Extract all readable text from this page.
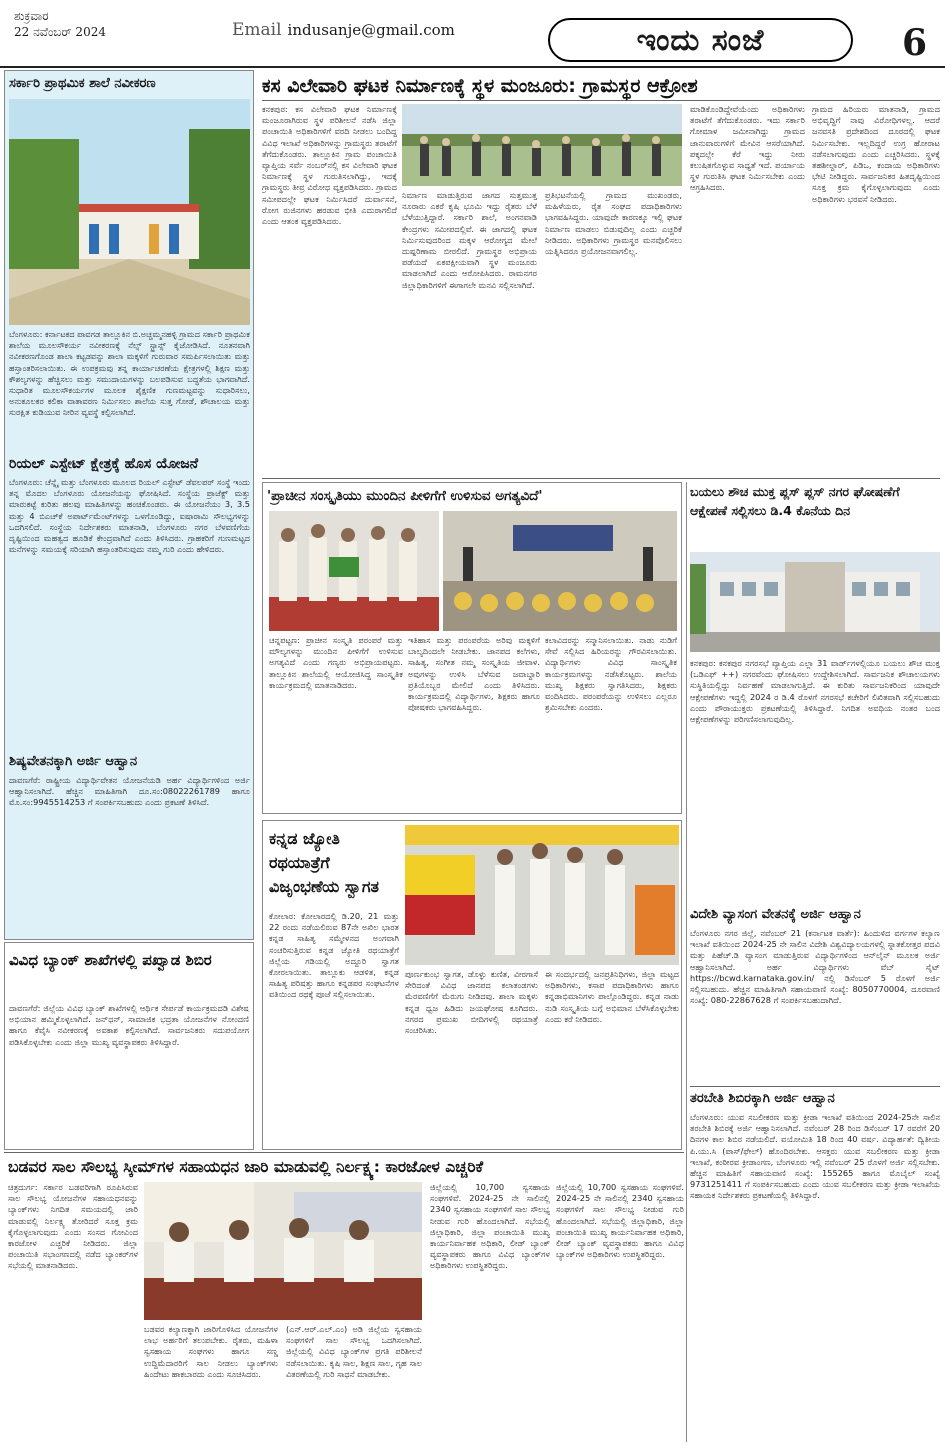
ಶುಕ್ರವಾರ
22 ನವೆಂಬರ್ 2024	Email indusanje@gmail.com	ಇಂದು ಸಂಜೆ	6
ಸರ್ಕಾರಿ ಪ್ರಾಥಮಿಕ ಶಾಲೆ ನವೀಕರಣ
ಬೆಂಗಳೂರು: ಕರ್ನಾಟಕದ ಪಾವಗಡ ತಾಲ್ಲೂಕಿನ ಬಿ.ಅಚ್ಚಮ್ಮನಹಳ್ಳಿ ಗ್ರಾಮದ ಸರ್ಕಾರಿ ಪ್ರಾಥಮಿಕ ಶಾಲೆಯ ಮೂಲಸೌಕರ್ಯ ನವೀಕರಣಕ್ಕೆ ನೆಲ್ಸ್ ಸ್ಟ್ರಾನ್ಸ್ ಕೈಜೋಡಿಸಿದೆ. ನೂತನವಾಗಿ ನವೀಕರಣಗೊಂಡ ಶಾಲಾ ಕಟ್ಟಡವನ್ನು ಶಾಲಾ ಮಕ್ಕಳಿಗೆ ಗುರುವಾರ ಸಮರ್ಪಿಸಲಾಯಿತು ಮತ್ತು ಹಸ್ತಾಂತರಿಸಲಾಯಿತು. ಈ ಉಪಕ್ರಮವು ತನ್ನ ಕಾರ್ಯಾಚರಣೆಯ ಕ್ಷೇತ್ರಗಳಲ್ಲಿ ಶಿಕ್ಷಣ ಮತ್ತು ಕೌಶಲ್ಯಗಳನ್ನು ಹೆಚ್ಚಿಸಲು ಮತ್ತು ಸಮುದಾಯಗಳನ್ನು ಬಲಪಡಿಸುವ ಬದ್ಧತೆಯ ಭಾಗವಾಗಿದೆ. ಸುಧಾರಿತ ಮೂಲಸೌಕರ್ಯಗಳ ಮೂಲಕ ಶೈಕ್ಷಣಿಕ ಗುಣಮಟ್ಟವನ್ನು ಸುಧಾರಿಸಲು, ಅನುಕೂಲಕರ ಕಲಿಕಾ ವಾತಾವರಣ ನಿರ್ಮಿಸಲು ಶಾಲೆಯ ಸುತ್ತ ಗೋಡೆ, ಶೌಚಾಲಯ ಮತ್ತು ಸುರಕ್ಷಿತ ಕುಡಿಯುವ ನೀರಿನ ವ್ಯವಸ್ಥೆ ಕಲ್ಪಿಸಲಾಗಿದೆ.
ರಿಯಲ್ ಎಸ್ಟೇಟ್ ಕ್ಷೇತ್ರಕ್ಕೆ ಹೊಸ ಯೋಜನೆ
ಬೆಂಗಳೂರು: ಚೆನ್ನೈ ಮತ್ತು ಬೆಂಗಳೂರು ಮೂಲದ ರಿಯಲ್ ಎಸ್ಟೇಟ್ ಡೆವಲಪರ್ ಸಂಸ್ಥೆ ಇಂದು ತನ್ನ ಮೊದಲ ಬೆಂಗಳೂರು ಯೋಜನೆಯನ್ನು ಘೋಷಿಸಿದೆ. ಸಂಸ್ಥೆಯ ಪ್ರಾಜೆಕ್ಟ್ ಮತ್ತು ಮಾರುಕಟ್ಟೆ ಕುರಿತು ಹಲವು ಮಾಹಿತಿಗಳನ್ನು ಹಂಚಿಕೊಂಡರು. ಈ ಯೋಜನೆಯು 3, 3.5 ಮತ್ತು 4 ಬಿಎಚ್‌ಕೆ ಅಪಾರ್ಟ್‌ಮೆಂಟ್‌ಗಳನ್ನು ಒಳಗೊಂಡಿದ್ದು, ಐಷಾರಾಮಿ ಸೌಲಭ್ಯಗಳನ್ನು ಒದಗಿಸಲಿದೆ. ಸಂಸ್ಥೆಯ ನಿರ್ದೇಶಕರು ಮಾತನಾಡಿ, ಬೆಂಗಳೂರು ನಗರ ಬೆಳವಣಿಗೆಯ ದೃಷ್ಟಿಯಿಂದ ಮಹತ್ವದ ಹೂಡಿಕೆ ಕೇಂದ್ರವಾಗಿದೆ ಎಂದು ತಿಳಿಸಿದರು. ಗ್ರಾಹಕರಿಗೆ ಗುಣಮಟ್ಟದ ಮನೆಗಳನ್ನು ಸಮಯಕ್ಕೆ ಸರಿಯಾಗಿ ಹಸ್ತಾಂತರಿಸುವುದು ನಮ್ಮ ಗುರಿ ಎಂದು ಹೇಳಿದರು.
ಶಿಷ್ಯವೇತನಕ್ಕಾಗಿ ಅರ್ಜಿ ಆಹ್ವಾನ
ದಾವಣಗೆರೆ: ರಾಷ್ಟ್ರೀಯ ವಿದ್ಯಾರ್ಥಿವೇತನ ಯೋಜನೆಯಡಿ ಅರ್ಹ ವಿದ್ಯಾರ್ಥಿಗಳಿಂದ ಅರ್ಜಿ ಆಹ್ವಾನಿಸಲಾಗಿದೆ. ಹೆಚ್ಚಿನ ಮಾಹಿತಿಗಾಗಿ ದೂ.ಸಂ:08022261789 ಹಾಗೂ ಮೊ.ಸಂ:9945514253 ಗೆ ಸಂಪರ್ಕಿಸಬಹುದು ಎಂದು ಪ್ರಕಟಣೆ ತಿಳಿಸಿದೆ.
ವಿವಿಧ ಬ್ಯಾಂಕ್ ಶಾಖೆಗಳಲ್ಲಿ ಪಖ್ವಾಡ ಶಿಬಿರ
ದಾವಣಗೆರೆ: ಜಿಲ್ಲೆಯ ವಿವಿಧ ಬ್ಯಾಂಕ್ ಶಾಖೆಗಳಲ್ಲಿ ಆರ್ಥಿಕ ಸೇರ್ಪಡೆ ಕಾರ್ಯಕ್ರಮದಡಿ ವಿಶೇಷ ಅಭಿಯಾನ ಹಮ್ಮಿಕೊಳ್ಳಲಾಗಿದೆ. ಜನ್‌ಧನ್, ಸಾಮಾಜಿಕ ಭದ್ರತಾ ಯೋಜನೆಗಳ ನೋಂದಣಿ ಹಾಗೂ ಕೆವೈಸಿ ನವೀಕರಣಕ್ಕೆ ಅವಕಾಶ ಕಲ್ಪಿಸಲಾಗಿದೆ. ಸಾರ್ವಜನಿಕರು ಸದುಪಯೋಗ ಪಡಿಸಿಕೊಳ್ಳಬೇಕು ಎಂದು ಜಿಲ್ಲಾ ಮುಖ್ಯ ವ್ಯವಸ್ಥಾಪಕರು ತಿಳಿಸಿದ್ದಾರೆ.
ಕಸ ವಿಲೇವಾರಿ ಘಟಕ ನಿರ್ಮಾಣಕ್ಕೆ ಸ್ಥಳ ಮಂಜೂರು: ಗ್ರಾಮಸ್ಥರ ಆಕ್ರೋಶ
ಕನಕಪುರ: ಕಸ ವಿಲೇವಾರಿ ಘಟಕ ನಿರ್ಮಾಣಕ್ಕೆ ಮಂಜೂರಾಗಿರುವ ಸ್ಥಳ ಪರಿಶೀಲನೆ ನಡೆಸಿ ಜಿಲ್ಲಾ ಪಂಚಾಯಿತಿ ಅಧಿಕಾರಿಗಳಿಗೆ ವರದಿ ನೀಡಲು ಬಂದಿದ್ದ ವಿವಿಧ ಇಲಾಖೆ ಅಧಿಕಾರಿಗಳನ್ನು ಗ್ರಾಮಸ್ಥರು ತರಾಟೆಗೆ ತೆಗೆದುಕೊಂಡರು. ತಾಲ್ಲೂಕಿನ ಗ್ರಾಮ ಪಂಚಾಯಿತಿ ವ್ಯಾಪ್ತಿಯ ಸರ್ವೆ ನಂಬರ್‌ನಲ್ಲಿ ಕಸ ವಿಲೇವಾರಿ ಘಟಕ ನಿರ್ಮಾಣಕ್ಕೆ ಸ್ಥಳ ಗುರುತಿಸಲಾಗಿದ್ದು, ಇದಕ್ಕೆ ಗ್ರಾಮಸ್ಥರು ತೀವ್ರ ವಿರೋಧ ವ್ಯಕ್ತಪಡಿಸಿದರು. ಗ್ರಾಮದ ಸಮೀಪದಲ್ಲೇ ಘಟಕ ನಿರ್ಮಿಸಿದರೆ ದುರ್ವಾಸನೆ, ರೋಗ ರುಜಿನಗಳು ಹರಡುವ ಭೀತಿ ಎದುರಾಗಲಿದೆ ಎಂದು ಆತಂಕ ವ್ಯಕ್ತಪಡಿಸಿದರು.
ನಿರ್ಮಾಣ ಮಾಡುತ್ತಿರುವ ಜಾಗದ ಸುತ್ತಮುತ್ತ ನೂರಾರು ಎಕರೆ ಕೃಷಿ ಭೂಮಿ ಇದ್ದು ರೈತರು ಬೆಳೆ ಬೆಳೆಯುತ್ತಿದ್ದಾರೆ. ಸರ್ಕಾರಿ ಶಾಲೆ, ಅಂಗನವಾಡಿ ಕೇಂದ್ರಗಳು ಸಮೀಪದಲ್ಲಿವೆ. ಈ ಜಾಗದಲ್ಲಿ ಘಟಕ ನಿರ್ಮಿಸುವುದರಿಂದ ಮಕ್ಕಳ ಆರೋಗ್ಯದ ಮೇಲೆ ದುಷ್ಪರಿಣಾಮ ಬೀರಲಿದೆ. ಗ್ರಾಮಸ್ಥರ ಅಭಿಪ್ರಾಯ ಪಡೆಯದೆ ಏಕಪಕ್ಷೀಯವಾಗಿ ಸ್ಥಳ ಮಂಜೂರು ಮಾಡಲಾಗಿದೆ ಎಂದು ಆರೋಪಿಸಿದರು. ರಾಮನಗರ ಜಿಲ್ಲಾಧಿಕಾರಿಗಳಿಗೆ ಈಗಾಗಲೇ ಮನವಿ ಸಲ್ಲಿಸಲಾಗಿದೆ.
ಪ್ರತಿಭಟನೆಯಲ್ಲಿ ಗ್ರಾಮದ ಮುಖಂಡರು, ಮಹಿಳೆಯರು, ರೈತ ಸಂಘದ ಪದಾಧಿಕಾರಿಗಳು ಭಾಗವಹಿಸಿದ್ದರು. ಯಾವುದೇ ಕಾರಣಕ್ಕೂ ಇಲ್ಲಿ ಘಟಕ ನಿರ್ಮಾಣ ಮಾಡಲು ಬಿಡುವುದಿಲ್ಲ ಎಂದು ಎಚ್ಚರಿಕೆ ನೀಡಿದರು. ಅಧಿಕಾರಿಗಳು ಗ್ರಾಮಸ್ಥರ ಮನವೊಲಿಸಲು ಯತ್ನಿಸಿದರೂ ಪ್ರಯೋಜನವಾಗಲಿಲ್ಲ.
ಮಾಡಿಕೊಂಡಿದ್ದೇವೆಯೆಂದು ಅಧಿಕಾರಿಗಳು ತರಾಟೆಗೆ ತೆಗೆದುಕೊಂಡರು. ಇದು ಸರ್ಕಾರಿ ಗೋಮಾಳ ಜಮೀನಾಗಿದ್ದು ಗ್ರಾಮದ ಜಾನುವಾರುಗಳಿಗೆ ಮೇವಿನ ಆಸರೆಯಾಗಿದೆ. ಪಕ್ಕದಲ್ಲೇ ಕೆರೆ ಇದ್ದು ನೀರು ಕಲುಷಿತಗೊಳ್ಳುವ ಸಾಧ್ಯತೆ ಇದೆ. ಪರ್ಯಾಯ ಸ್ಥಳ ಗುರುತಿಸಿ ಘಟಕ ನಿರ್ಮಿಸಬೇಕು ಎಂದು ಆಗ್ರಹಿಸಿದರು.
ಗ್ರಾಮದ ಹಿರಿಯರು ಮಾತನಾಡಿ, ಗ್ರಾಮದ ಅಭಿವೃದ್ಧಿಗೆ ನಾವು ವಿರೋಧಿಗಳಲ್ಲ. ಆದರೆ ಜನವಸತಿ ಪ್ರದೇಶದಿಂದ ದೂರದಲ್ಲಿ ಘಟಕ ನಿರ್ಮಿಸಬೇಕು. ಇಲ್ಲದಿದ್ದರೆ ಉಗ್ರ ಹೋರಾಟ ನಡೆಸಲಾಗುವುದು ಎಂದು ಎಚ್ಚರಿಸಿದರು. ಸ್ಥಳಕ್ಕೆ ತಹಶೀಲ್ದಾರ್, ಪಿಡಿಒ, ಕಂದಾಯ ಅಧಿಕಾರಿಗಳು ಭೇಟಿ ನೀಡಿದ್ದರು. ಸಾರ್ವಜನಿಕರ ಹಿತದೃಷ್ಟಿಯಿಂದ ಸೂಕ್ತ ಕ್ರಮ ಕೈಗೊಳ್ಳಲಾಗುವುದು ಎಂದು ಅಧಿಕಾರಿಗಳು ಭರವಸೆ ನೀಡಿದರು.
'ಪ್ರಾಚೀನ ಸಂಸ್ಕೃತಿಯು ಮುಂದಿನ ಪೀಳಿಗೆಗೆ ಉಳಿಸುವ ಅಗತ್ಯವಿದೆ'
ಚನ್ನಪಟ್ಟಣ: ಪ್ರಾಚೀನ ಸಂಸ್ಕೃತಿ ಪರಂಪರೆ ಮತ್ತು ಮೌಲ್ಯಗಳನ್ನು ಮುಂದಿನ ಪೀಳಿಗೆಗೆ ಉಳಿಸುವ ಅಗತ್ಯವಿದೆ ಎಂದು ಗಣ್ಯರು ಅಭಿಪ್ರಾಯಪಟ್ಟರು. ತಾಲ್ಲೂಕಿನ ಶಾಲೆಯಲ್ಲಿ ಆಯೋಜಿಸಿದ್ದ ಸಾಂಸ್ಕೃತಿಕ ಕಾರ್ಯಕ್ರಮದಲ್ಲಿ ಮಾತನಾಡಿದರು.
ಇತಿಹಾಸ ಮತ್ತು ಪರಂಪರೆಯ ಅರಿವು ಮಕ್ಕಳಿಗೆ ಬಾಲ್ಯದಿಂದಲೇ ನೀಡಬೇಕು. ಜಾನಪದ ಕಲೆಗಳು, ಸಾಹಿತ್ಯ, ಸಂಗೀತ ನಮ್ಮ ಸಂಸ್ಕೃತಿಯ ಜೀವಾಳ. ಅವುಗಳನ್ನು ಉಳಿಸಿ ಬೆಳೆಸುವ ಜವಾಬ್ದಾರಿ ಪ್ರತಿಯೊಬ್ಬರ ಮೇಲಿದೆ ಎಂದು ತಿಳಿಸಿದರು. ಕಾರ್ಯಕ್ರಮದಲ್ಲಿ ವಿದ್ಯಾರ್ಥಿಗಳು, ಶಿಕ್ಷಕರು ಹಾಗೂ ಪೋಷಕರು ಭಾಗವಹಿಸಿದ್ದರು.
ಕಲಾವಿದರನ್ನು ಸನ್ಮಾನಿಸಲಾಯಿತು. ನಾಡು ನುಡಿಗೆ ಸೇವೆ ಸಲ್ಲಿಸಿದ ಹಿರಿಯರನ್ನು ಗೌರವಿಸಲಾಯಿತು. ವಿದ್ಯಾರ್ಥಿಗಳು ವಿವಿಧ ಸಾಂಸ್ಕೃತಿಕ ಕಾರ್ಯಕ್ರಮಗಳನ್ನು ನಡೆಸಿಕೊಟ್ಟರು. ಶಾಲೆಯ ಮುಖ್ಯ ಶಿಕ್ಷಕರು ಸ್ವಾಗತಿಸಿದರು, ಶಿಕ್ಷಕರು ವಂದಿಸಿದರು. ಪರಂಪರೆಯನ್ನು ಉಳಿಸಲು ಎಲ್ಲರೂ ಶ್ರಮಿಸಬೇಕು ಎಂದರು.
ಬಯಲು ಶೌಚ ಮುಕ್ತ ಪ್ಲಸ್ ಪ್ಲಸ್ ನಗರ ಘೋಷಣೆಗೆ ಆಕ್ಷೇಪಣೆ ಸಲ್ಲಿಸಲು ಡಿ.4 ಕೊನೆಯ ದಿನ
ಕನಕಪುರ: ಕನಕಪುರ ನಗರಸಭೆ ವ್ಯಾಪ್ತಿಯ ಎಲ್ಲಾ 31 ವಾರ್ಡ್‌ಗಳಲ್ಲಿಯೂ ಬಯಲು ಶೌಚ ಮುಕ್ತ (ಒಡಿಎಫ್ ++) ನಗರವೆಂದು ಘೋಷಿಸಲು ಉದ್ದೇಶಿಸಲಾಗಿದೆ. ಸಾರ್ವಜನಿಕ ಶೌಚಾಲಯಗಳು ಸುಸ್ಥಿತಿಯಲ್ಲಿದ್ದು ನಿರ್ವಹಣೆ ಮಾಡಲಾಗುತ್ತಿದೆ. ಈ ಕುರಿತು ಸಾರ್ವಜನಿಕರಿಂದ ಯಾವುದೇ ಆಕ್ಷೇಪಣೆಗಳು ಇದ್ದಲ್ಲಿ 2024 ರ ಡಿ.4 ರೊಳಗೆ ನಗರಸಭೆ ಕಚೇರಿಗೆ ಲಿಖಿತವಾಗಿ ಸಲ್ಲಿಸಬಹುದು ಎಂದು ಪೌರಾಯುಕ್ತರು ಪ್ರಕಟಣೆಯಲ್ಲಿ ತಿಳಿಸಿದ್ದಾರೆ. ನಿಗದಿತ ಅವಧಿಯ ನಂತರ ಬಂದ ಆಕ್ಷೇಪಣೆಗಳನ್ನು ಪರಿಗಣಿಸಲಾಗುವುದಿಲ್ಲ.
ಕನ್ನಡ ಜ್ಯೋತಿ ರಥಯಾತ್ರೆಗೆ ವಿಜೃಂಭಣೆಯ ಸ್ವಾಗತ
ಕೋಲಾರ: ಕೋಲಾರದಲ್ಲಿ ಡಿ.20, 21 ಮತ್ತು 22 ರಂದು ನಡೆಯಲಿರುವ 87ನೇ ಅಖಿಲ ಭಾರತ ಕನ್ನಡ ಸಾಹಿತ್ಯ ಸಮ್ಮೇಳನದ ಅಂಗವಾಗಿ ಸಂಚರಿಸುತ್ತಿರುವ ಕನ್ನಡ ಜ್ಯೋತಿ ರಥಯಾತ್ರೆಗೆ ಜಿಲ್ಲೆಯ ಗಡಿಯಲ್ಲಿ ಅದ್ದೂರಿ ಸ್ವಾಗತ ಕೋರಲಾಯಿತು. ತಾಲ್ಲೂಕು ಆಡಳಿತ, ಕನ್ನಡ ಸಾಹಿತ್ಯ ಪರಿಷತ್ತು ಹಾಗೂ ಕನ್ನಡಪರ ಸಂಘಟನೆಗಳ ವತಿಯಿಂದ ರಥಕ್ಕೆ ಪೂಜೆ ಸಲ್ಲಿಸಲಾಯಿತು.
ಪೂರ್ಣಕುಂಭ ಸ್ವಾಗತ, ಡೊಳ್ಳು ಕುಣಿತ, ವೀರಗಾಸೆ ಸೇರಿದಂತೆ ವಿವಿಧ ಜಾನಪದ ಕಲಾತಂಡಗಳು ಮೆರವಣಿಗೆಗೆ ಮೆರುಗು ನೀಡಿದವು. ಶಾಲಾ ಮಕ್ಕಳು ಕನ್ನಡ ಧ್ವಜ ಹಿಡಿದು ಜಯಘೋಷ ಕೂಗಿದರು. ನಗರದ ಪ್ರಮುಖ ಬೀದಿಗಳಲ್ಲಿ ರಥಯಾತ್ರೆ ಸಂಚರಿಸಿತು.
ಈ ಸಂದರ್ಭದಲ್ಲಿ ಜನಪ್ರತಿನಿಧಿಗಳು, ಜಿಲ್ಲಾ ಮಟ್ಟದ ಅಧಿಕಾರಿಗಳು, ಕಸಾಪ ಪದಾಧಿಕಾರಿಗಳು ಹಾಗೂ ಕನ್ನಡಾಭಿಮಾನಿಗಳು ಪಾಲ್ಗೊಂಡಿದ್ದರು. ಕನ್ನಡ ನಾಡು ನುಡಿ ಸಂಸ್ಕೃತಿಯ ಬಗ್ಗೆ ಅಭಿಮಾನ ಬೆಳೆಸಿಕೊಳ್ಳಬೇಕು ಎಂದು ಕರೆ ನೀಡಿದರು.
ವಿದೇಶಿ ವ್ಯಾಸಂಗ ವೇತನಕ್ಕೆ ಅರ್ಜಿ ಆಹ್ವಾನ
ಬೆಂಗಳೂರು ನಗರ ಜಿಲ್ಲೆ, ನವೆಂಬರ್ 21 (ಕರ್ನಾಟಕ ವಾರ್ತೆ): ಹಿಂದುಳಿದ ವರ್ಗಗಳ ಕಲ್ಯಾಣ ಇಲಾಖೆ ವತಿಯಿಂದ 2024-25 ನೇ ಸಾಲಿನ ವಿದೇಶಿ ವಿಶ್ವವಿದ್ಯಾಲಯಗಳಲ್ಲಿ ಸ್ನಾತಕೋತ್ತರ ಪದವಿ ಮತ್ತು ಪಿಹೆಚ್.ಡಿ ವ್ಯಾಸಂಗ ಮಾಡುತ್ತಿರುವ ವಿದ್ಯಾರ್ಥಿಗಳಿಂದ ಆನ್‌ಲೈನ್ ಮೂಲಕ ಅರ್ಜಿ ಆಹ್ವಾನಿಸಲಾಗಿದೆ. ಅರ್ಹ ವಿದ್ಯಾರ್ಥಿಗಳು ವೆಬ್ ಸೈಟ್ https://bcwd.karnataka.gov.in/ ನಲ್ಲಿ ಡಿಸೆಂಬರ್ 5 ರೊಳಗೆ ಅರ್ಜಿ ಸಲ್ಲಿಸಬಹುದು. ಹೆಚ್ಚಿನ ಮಾಹಿತಿಗಾಗಿ ಸಹಾಯವಾಣಿ ಸಂಖ್ಯೆ: 8050770004, ದೂರವಾಣಿ ಸಂಖ್ಯೆ: 080-22867628 ಗೆ ಸಂಪರ್ಕಿಸಬಹುದಾಗಿದೆ.
ತರಬೇತಿ ಶಿಬಿರಕ್ಕಾಗಿ ಅರ್ಜಿ ಆಹ್ವಾನ
ಬೆಂಗಳೂರು: ಯುವ ಸಬಲೀಕರಣ ಮತ್ತು ಕ್ರೀಡಾ ಇಲಾಖೆ ವತಿಯಿಂದ 2024-25ನೇ ಸಾಲಿನ ತರಬೇತಿ ಶಿಬಿರಕ್ಕೆ ಅರ್ಜಿ ಆಹ್ವಾನಿಸಲಾಗಿದೆ. ನವೆಂಬರ್ 28 ರಿಂದ ಡಿಸೆಂಬರ್ 17 ರವರೆಗೆ 20 ದಿನಗಳ ಕಾಲ ಶಿಬಿರ ನಡೆಯಲಿದೆ. ವಯೋಮಿತಿ 18 ರಿಂದ 40 ವರ್ಷ. ವಿದ್ಯಾರ್ಹತೆ: ದ್ವಿತೀಯ ಪಿ.ಯು.ಸಿ (ಪಾಸ್/ಫೇಲ್) ಹೊಂದಿರಬೇಕು. ಆಸಕ್ತರು ಯುವ ಸಬಲೀಕರಣ ಮತ್ತು ಕ್ರೀಡಾ ಇಲಾಖೆ, ಕಂಠೀರವ ಕ್ರೀಡಾಂಗಣ, ಬೆಂಗಳೂರು ಇಲ್ಲಿ ನವೆಂಬರ್ 25 ರೊಳಗೆ ಅರ್ಜಿ ಸಲ್ಲಿಸಬೇಕು. ಹೆಚ್ಚಿನ ಮಾಹಿತಿಗೆ ಸಹಾಯವಾಣಿ ಸಂಖ್ಯೆ: 155265 ಹಾಗೂ ಮೊಬೈಲ್ ಸಂಖ್ಯೆ 9731251411 ಗೆ ಸಂಪರ್ಕಿಸಬಹುದು ಎಂದು ಯುವ ಸಬಲೀಕರಣ ಮತ್ತು ಕ್ರೀಡಾ ಇಲಾಖೆಯ ಸಹಾಯಕ ನಿರ್ದೇಶಕರು ಪ್ರಕಟಣೆಯಲ್ಲಿ ತಿಳಿಸಿದ್ದಾರೆ.
ಬಡವರ ಸಾಲ ಸೌಲಭ್ಯ ಸ್ಕೀಮ್‌ಗಳ ಸಹಾಯಧನ ಜಾರಿ ಮಾಡುವಲ್ಲಿ ನಿರ್ಲಕ್ಷ್ಯ: ಕಾರಜೋಳ ಎಚ್ಚರಿಕೆ
ಚಿತ್ರದುರ್ಗ: ಸರ್ಕಾರ ಬಡವರಿಗಾಗಿ ರೂಪಿಸಿರುವ ಸಾಲ ಸೌಲಭ್ಯ ಯೋಜನೆಗಳ ಸಹಾಯಧನವನ್ನು ಬ್ಯಾಂಕ್‌ಗಳು ನಿಗದಿತ ಸಮಯದಲ್ಲಿ ಜಾರಿ ಮಾಡುವಲ್ಲಿ ನಿರ್ಲಕ್ಷ್ಯ ತೋರಿದರೆ ಸೂಕ್ತ ಕ್ರಮ ಕೈಗೊಳ್ಳಲಾಗುವುದು ಎಂದು ಸಂಸದ ಗೋವಿಂದ ಕಾರಜೋಳ ಎಚ್ಚರಿಕೆ ನೀಡಿದರು. ಜಿಲ್ಲಾ ಪಂಚಾಯಿತಿ ಸಭಾಂಗಣದಲ್ಲಿ ನಡೆದ ಬ್ಯಾಂಕರ್‌ಗಳ ಸಭೆಯಲ್ಲಿ ಮಾತನಾಡಿದರು.
ಬಡವರ ಕಲ್ಯಾಣಕ್ಕಾಗಿ ಜಾರಿಗೊಳಿಸಿದ ಯೋಜನೆಗಳ ಲಾಭ ಅರ್ಹರಿಗೆ ತಲುಪಬೇಕು. ರೈತರು, ಮಹಿಳಾ ಸ್ವಸಹಾಯ ಸಂಘಗಳು ಹಾಗೂ ಸಣ್ಣ ಉದ್ದಿಮೆದಾರರಿಗೆ ಸಾಲ ನೀಡಲು ಬ್ಯಾಂಕ್‌ಗಳು ಹಿಂದೇಟು ಹಾಕಬಾರದು ಎಂದು ಸೂಚಿಸಿದರು.
(ಎನ್.ಆರ್.ಎಲ್.ಎಂ) ಅಡಿ ಜಿಲ್ಲೆಯ ಸ್ವಸಹಾಯ ಸಂಘಗಳಿಗೆ ಸಾಲ ಸೌಲಭ್ಯ ಒದಗಿಸಲಾಗಿದೆ. ಜಿಲ್ಲೆಯಲ್ಲಿ ವಿವಿಧ ಬ್ಯಾಂಕ್‌ಗಳ ಪ್ರಗತಿ ಪರಿಶೀಲನೆ ನಡೆಸಲಾಯಿತು. ಕೃಷಿ ಸಾಲ, ಶಿಕ್ಷಣ ಸಾಲ, ಗೃಹ ಸಾಲ ವಿತರಣೆಯಲ್ಲಿ ಗುರಿ ಸಾಧನೆ ಮಾಡಬೇಕು.
ಜಿಲ್ಲೆಯಲ್ಲಿ 10,700 ಸ್ವಸಹಾಯ ಸಂಘಗಳಿವೆ. 2024-25 ನೇ ಸಾಲಿನಲ್ಲಿ 2340 ಸ್ವಸಹಾಯ ಸಂಘಗಳಿಗೆ ಸಾಲ ಸೌಲಭ್ಯ ನೀಡುವ ಗುರಿ ಹೊಂದಲಾಗಿದೆ. ಸಭೆಯಲ್ಲಿ ಜಿಲ್ಲಾಧಿಕಾರಿ, ಜಿಲ್ಲಾ ಪಂಚಾಯಿತಿ ಮುಖ್ಯ ಕಾರ್ಯನಿರ್ವಾಹಕ ಅಧಿಕಾರಿ, ಲೀಡ್ ಬ್ಯಾಂಕ್ ವ್ಯವಸ್ಥಾಪಕರು ಹಾಗೂ ವಿವಿಧ ಬ್ಯಾಂಕ್‌ಗಳ ಅಧಿಕಾರಿಗಳು ಉಪಸ್ಥಿತರಿದ್ದರು.
ಜಿಲ್ಲೆಯಲ್ಲಿ 10,700 ಸ್ವಸಹಾಯ ಸಂಘಗಳಿವೆ. 2024-25 ನೇ ಸಾಲಿನಲ್ಲಿ 2340 ಸ್ವಸಹಾಯ ಸಂಘಗಳಿಗೆ ಸಾಲ ಸೌಲಭ್ಯ ನೀಡುವ ಗುರಿ ಹೊಂದಲಾಗಿದೆ. ಸಭೆಯಲ್ಲಿ ಜಿಲ್ಲಾಧಿಕಾರಿ, ಜಿಲ್ಲಾ ಪಂಚಾಯಿತಿ ಮುಖ್ಯ ಕಾರ್ಯನಿರ್ವಾಹಕ ಅಧಿಕಾರಿ, ಲೀಡ್ ಬ್ಯಾಂಕ್ ವ್ಯವಸ್ಥಾಪಕರು ಹಾಗೂ ವಿವಿಧ ಬ್ಯಾಂಕ್‌ಗಳ ಅಧಿಕಾರಿಗಳು ಉಪಸ್ಥಿತರಿದ್ದರು.
